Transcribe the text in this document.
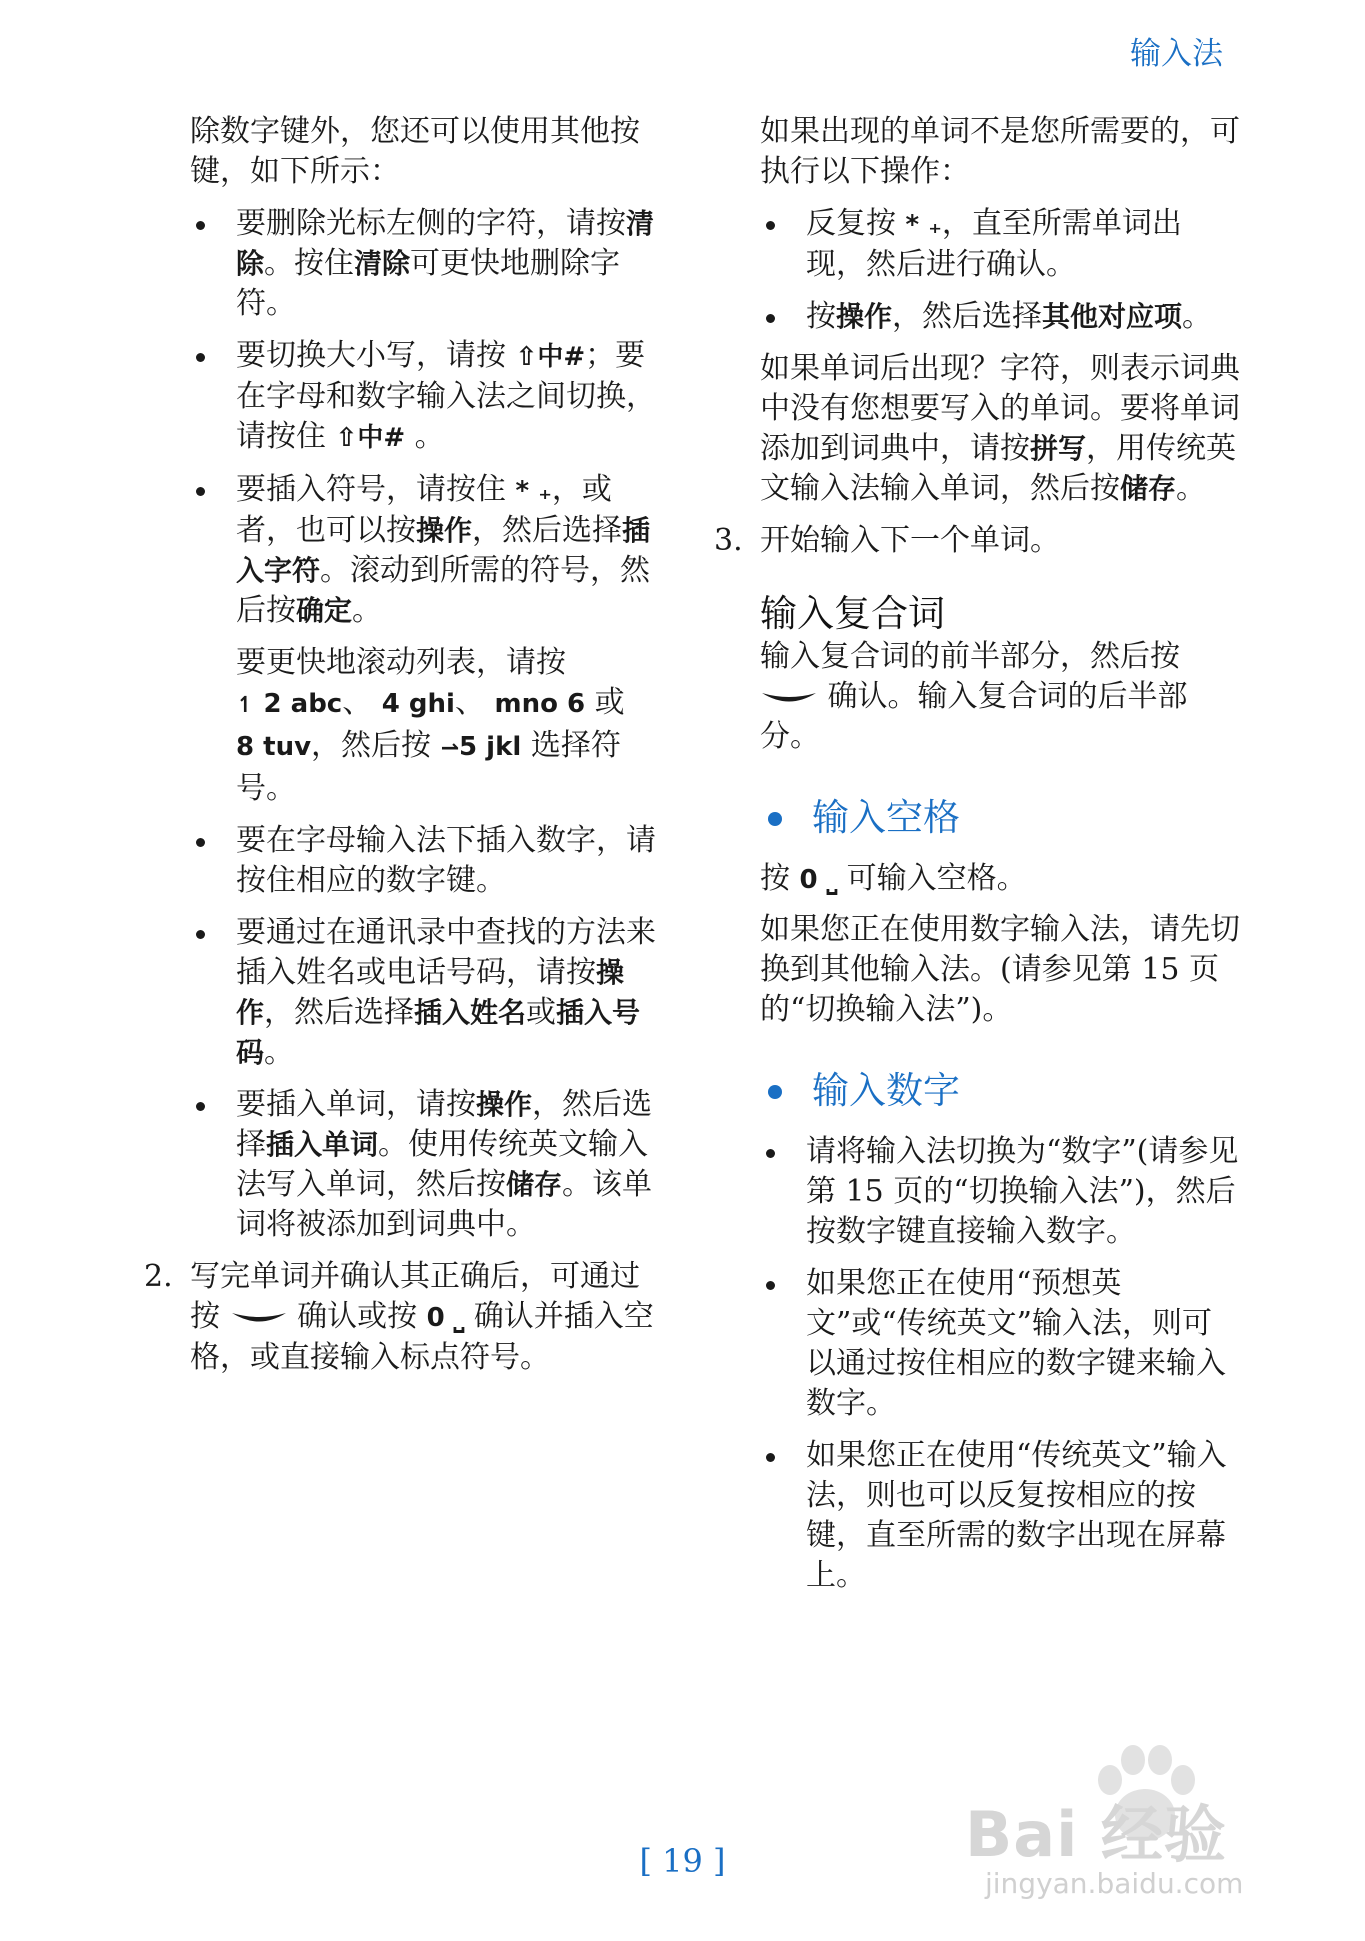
输入法

除数字键外，您还可以使用其他按键，如下所示：

要删除光标左侧的字符，请按清除。按住清除可更快地删除字符。
要切换大小写，请按 ⇧中#；要在字母和数字输入法之间切换，请按住 ⇧中# 。
要插入符号，请按住 * ₊，或者，也可以按操作，然后选择插入字符。滚动到所需的符号，然后按确定。

要更快地滚动列表，请按
↿ 2 abc、 4 ghi、 mno 6 或
8 tuv，然后按 ⇀5 jkl 选择符号。

要在字母输入法下插入数字，请按住相应的数字键。
要通过在通讯录中查找的方法来插入姓名或电话号码，请按操作，然后选择插入姓名或插入号码。
要插入单词，请按操作，然后选择插入单词。使用传统英文输入法写入单词，然后按储存。该单词将被添加到词典中。

2. 写完单词并确认其正确后，可通过按	确认或按 0 ⎵ 确认并插入空格，或直接输入标点符号。

如果出现的单词不是您所需要的，可执行以下操作：

反复按 * ₊，直至所需单词出现，然后进行确认。
按操作，然后选择其他对应项。

如果单词后出现？字符，则表示词典中没有您想要写入的单词。要将单词添加到词典中，请按拼写，用传统英文输入法输入单词，然后按储存。

3. 开始输入下一个单词。

输入复合词

输入复合词的前半部分，然后按
确认。输入复合词的后半部分。

输入空格

按 0 ⎵ 可输入空格。

如果您正在使用数字输入法，请先切换到其他输入法。(请参见第 15 页的“切换输入法”)。

输入数字
请将输入法切换为“数字”(请参见第 15 页的“切换输入法”)，然后按数字键直接输入数字。
如果您正在使用“预想英文”或“传统英文”输入法，则可以通过按住相应的数字键来输入数字。
如果您正在使用“传统英文”输入法，则也可以反复按相应的按键，直至所需的数字出现在屏幕上。
Bai 经验
jingyan.baidu.com
[ 19 ]
